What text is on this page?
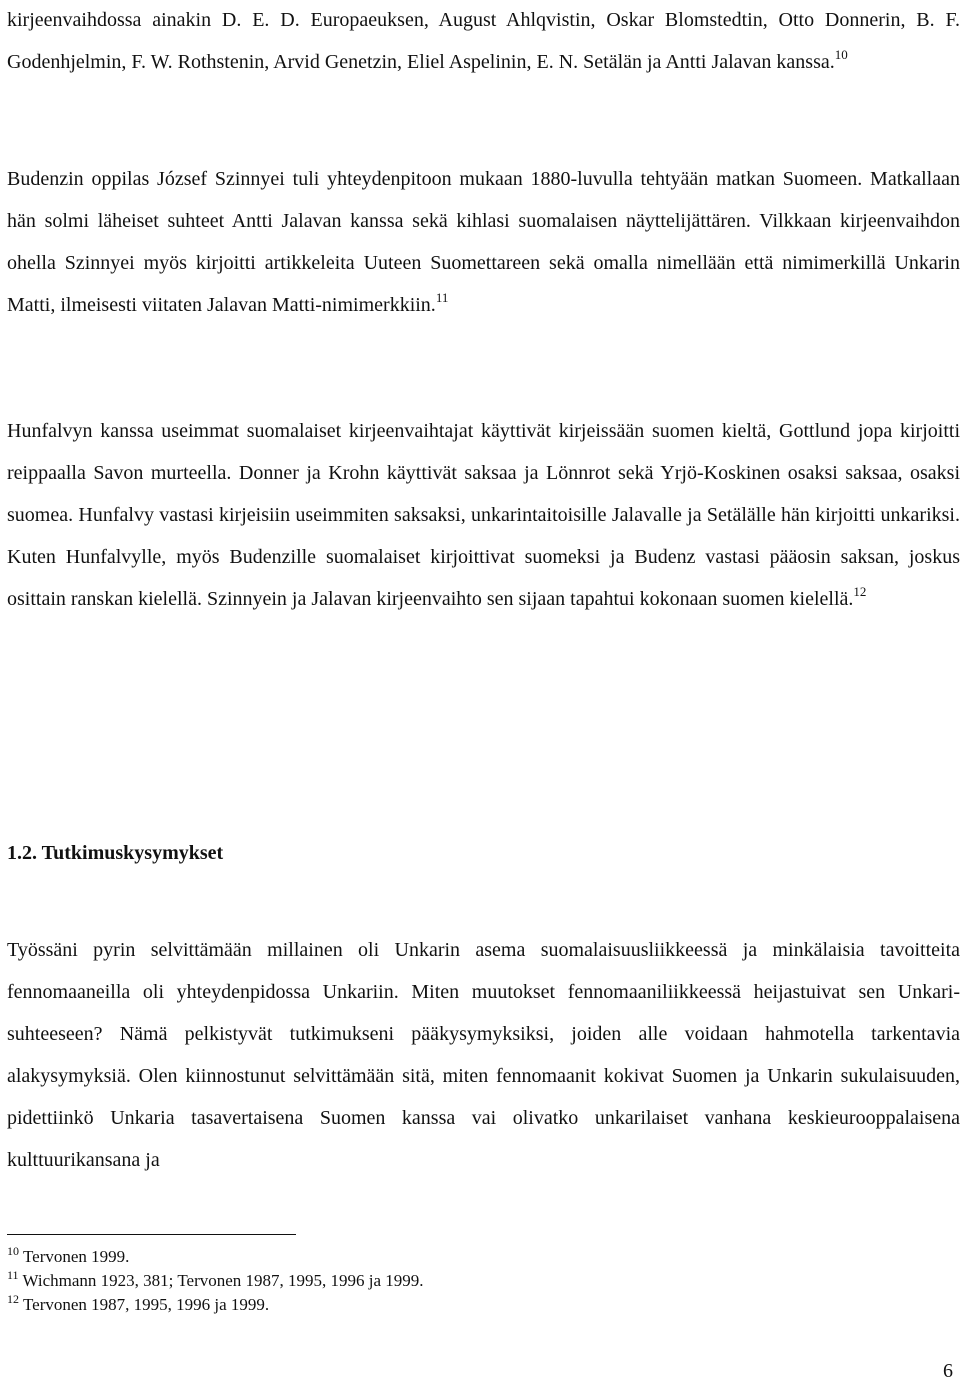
kirjeenvaihdossa ainakin D. E. D. Europaeuksen, August Ahlqvistin, Oskar Blomstedtin, Otto Donnerin, B. F. Godenhjelmin, F. W. Rothstenin, Arvid Genetzin, Eliel Aspelinin, E. N. Setälän ja Antti Jalavan kanssa.$^{10}$

Budenzin oppilas József Szinnyei tuli yhteydenpitoon mukaan 1880-luvulla tehtyään matkan Suomeen. Matkallaan hän solmi läheiset suhteet Antti Jalavan kanssa sekä kihlasi suomalaisen näyttelijättären. Vilkkaan kirjeenvaihdon ohella Szinnyei myös kirjoitti artikkeleita Uuteen Suomettareen sekä omalla nimellään että nimimerkillä Unkarin Matti, ilmeisesti viitaten Jalavan Matti-nimimerkkiin.$^{11}$

Hunfalvyn kanssa useimmat suomalaiset kirjeenvaihtajat käyttivät kirjeissään suomen kieltä, Gottlund jopa kirjoitti reippaalla Savon murteella. Donner ja Krohn käyttivät saksaa ja Lönnrot sekä Yrjö-Koskinen osaksi saksaa, osaksi suomea. Hunfalvy vastasi kirjeisiin useimmiten saksaksi, unkarintaitoisille Jalavalle ja Setälälle hän kirjoitti unkariksi. Kuten Hunfalvylle, myös Budenzille suomalaiset kirjoittivat suomeksi ja Budenz vastasi pääosin saksan, joskus osittain ranskan kielellä. Szinnyein ja Jalavan kirjeenvaihto sen sijaan tapahtui kokonaan suomen kielellä.$^{12}$

1.2. Tutkimuskysymykset

Työssäni pyrin selvittämään millainen oli Unkarin asema suomalaisuusliikkeessä ja minkälaisia tavoitteita fennomaaneilla oli yhteydenpidossa Unkariin. Miten muutokset fennomaaniliikkeessä heijastuivat sen Unkari-suhteeseen? Nämä pelkistyvät tutkimukseni pääkysymyksiksi, joiden alle voidaan hahmotella tarkentavia alakysymyksiä. Olen kiinnostunut selvittämään sitä, miten fennomaanit kokivat Suomen ja Unkarin sukulaisuuden, pidettiinkö Unkaria tasavertaisena Suomen kanssa vai olivatko unkarilaiset vanhana keskieurooppalaisena kulttuurikansana ja

$^{10}$ Tervonen 1999.
$^{11}$ Wichmann 1923, 381; Tervonen 1987, 1995, 1996 ja 1999.
$^{12}$ Tervonen 1987, 1995, 1996 ja 1999.
6
